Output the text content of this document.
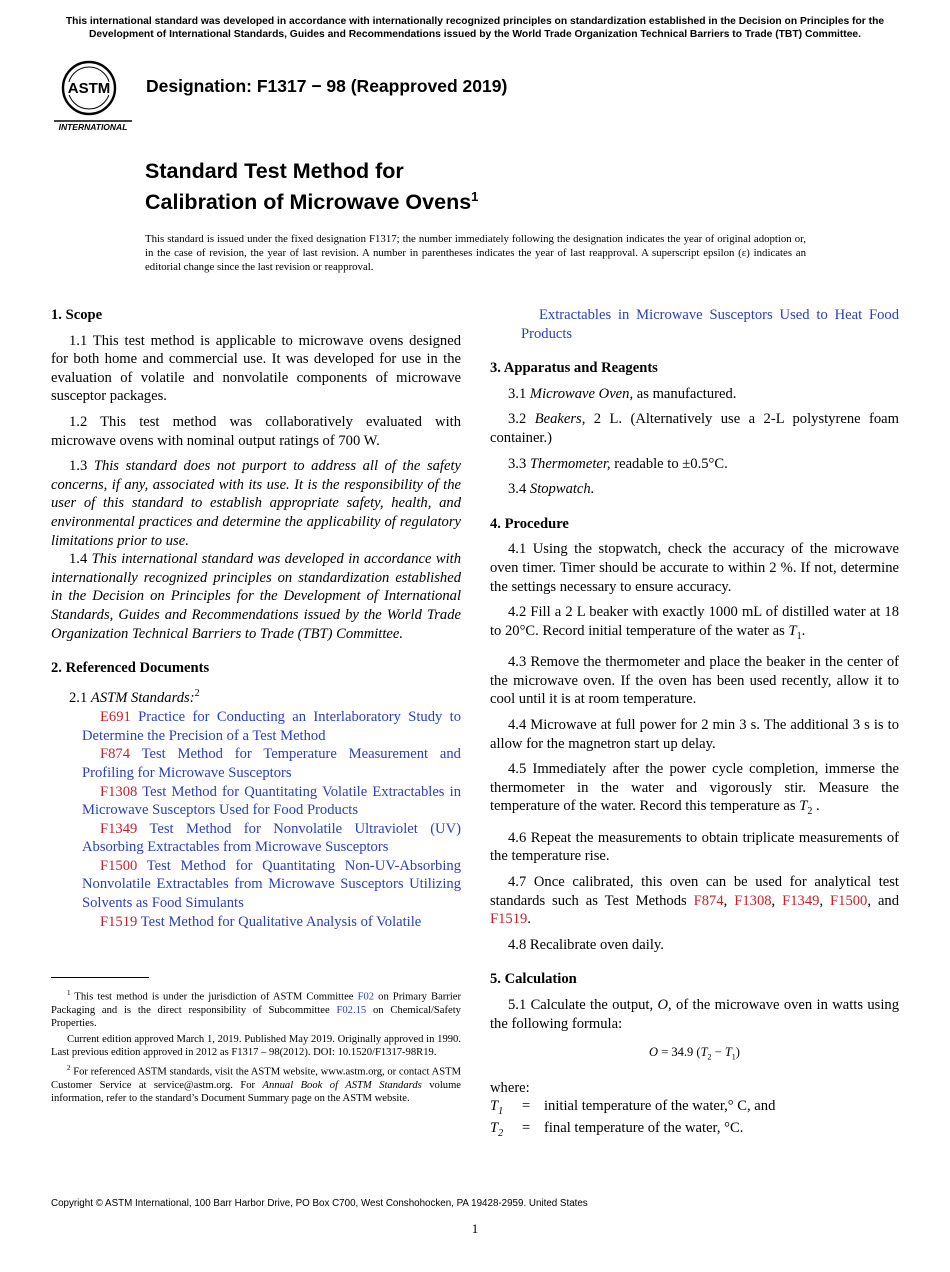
This international standard was developed in accordance with internationally recognized principles on standardization established in the Decision on Principles for the Development of International Standards, Guides and Recommendations issued by the World Trade Organization Technical Barriers to Trade (TBT) Committee.
ASTM
INTERNATIONAL
Designation: F1317 − 98 (Reapproved 2019)
Standard Test Method for
Calibration of Microwave Ovens$^1$
This standard is issued under the fixed designation F1317; the number immediately following the designation indicates the year of original adoption or, in the case of revision, the year of last revision. A number in parentheses indicates the year of last reapproval. A superscript epsilon (ε) indicates an editorial change since the last revision or reapproval.
1. Scope

1.1 This test method is applicable to microwave ovens designed for both home and commercial use. It was developed for use in the evaluation of volatile and nonvolatile components of microwave susceptor packages.

1.2 This test method was collaboratively evaluated with microwave ovens with nominal output ratings of 700 W.

1.3 This standard does not purport to address all of the safety concerns, if any, associated with its use. It is the responsibility of the user of this standard to establish appropriate safety, health, and environmental practices and determine the applicability of regulatory limitations prior to use.

1.4 This international standard was developed in accordance with internationally recognized principles on standardization established in the Decision on Principles for the Development of International Standards, Guides and Recommendations issued by the World Trade Organization Technical Barriers to Trade (TBT) Committee.

2. Referenced Documents

2.1 ASTM Standards:$^2$

E691 Practice for Conducting an Interlaboratory Study to Determine the Precision of a Test Method

F874 Test Method for Temperature Measurement and Profiling for Microwave Susceptors

F1308 Test Method for Quantitating Volatile Extractables in Microwave Susceptors Used for Food Products

F1349 Test Method for Nonvolatile Ultraviolet (UV) Absorbing Extractables from Microwave Susceptors

F1500 Test Method for Quantitating Non-UV-Absorbing Nonvolatile Extractables from Microwave Susceptors Utilizing Solvents as Food Simulants

F1519 Test Method for Qualitative Analysis of Volatile

$^1$ This test method is under the jurisdiction of ASTM Committee F02 on Primary Barrier Packaging and is the direct responsibility of Subcommittee F02.15 on Chemical/Safety Properties.

Current edition approved March 1, 2019. Published May 2019. Originally approved in 1990. Last previous edition approved in 2012 as F1317 – 98(2012). DOI: 10.1520/F1317-98R19.

$^2$ For referenced ASTM standards, visit the ASTM website, www.astm.org, or contact ASTM Customer Service at service@astm.org. For Annual Book of ASTM Standards volume information, refer to the standard’s Document Summary page on the ASTM website.

Extractables in Microwave Susceptors Used to Heat Food Products

3. Apparatus and Reagents

3.1 Microwave Oven, as manufactured.

3.2 Beakers, 2 L. (Alternatively use a 2-L polystyrene foam container.)

3.3 Thermometer, readable to ±0.5°C.

3.4 Stopwatch.

4. Procedure

4.1 Using the stopwatch, check the accuracy of the microwave oven timer. Timer should be accurate to within 2 %. If not, determine the settings necessary to ensure accuracy.

4.2 Fill a 2 L beaker with exactly 1000 mL of distilled water at 18 to 20°C. Record initial temperature of the water as $T_1$.

4.3 Remove the thermometer and place the beaker in the center of the microwave oven. If the oven has been used recently, allow it to cool until it is at room temperature.

4.4 Microwave at full power for 2 min 3 s. The additional 3 s is to allow for the magnetron start up delay.

4.5 Immediately after the power cycle completion, immerse the thermometer in the water and vigorously stir. Measure the temperature of the water. Record this temperature as $T_2$ .

4.6 Repeat the measurements to obtain triplicate measurements of the temperature rise.

4.7 Once calibrated, this oven can be used for analytical test standards such as Test Methods F874, F1308, F1349, F1500, and F1519.

4.8 Recalibrate oven daily.

5. Calculation

5.1 Calculate the output, O, of the microwave oven in watts using the following formula:

O = 34.9 $(T_2 - T_1)$
where:
$T_1$	= initial temperature of the water,° C, and
$T_2$	= final temperature of the water, °C.
Copyright © ASTM International, 100 Barr Harbor Drive, PO Box C700, West Conshohocken, PA 19428-2959. United States
1
